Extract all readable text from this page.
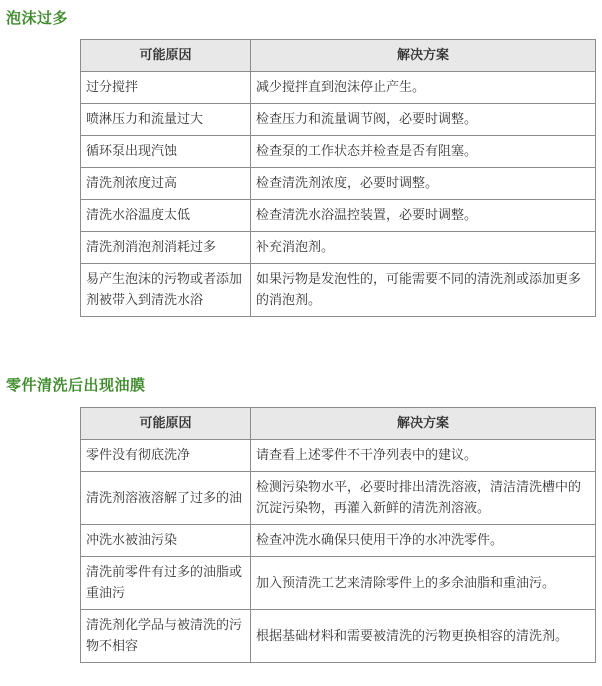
泡沫过多
可能原因	解决方案
过分搅拌	减少搅拌直到泡沫停止产生。
喷淋压力和流量过大	检查压力和流量调节阀，必要时调整。
循环泵出现汽蚀	检查泵的工作状态并检查是否有阻塞。
清洗剂浓度过高	检查清洗剂浓度，必要时调整。
清洗水浴温度太低	检查清洗水浴温控装置，必要时调整。
清洗剂消泡剂消耗过多	补充消泡剂。
易产生泡沫的污物或者添加剂被带入到清洗水浴	如果污物是发泡性的，可能需要不同的清洗剂或添加更多的消泡剂。
零件清洗后出现油膜
可能原因	解决方案
零件没有彻底洗净	请查看上述零件不干净列表中的建议。
清洗剂溶液溶解了过多的油	检测污染物水平，必要时排出清洗溶液，清洁清洗槽中的沉淀污染物，再灌入新鲜的清洗剂溶液。
冲洗水被油污染	检查冲洗水确保只使用干净的水冲洗零件。
清洗前零件有过多的油脂或重油污	加入预清洗工艺来清除零件上的多余油脂和重油污。
清洗剂化学品与被清洗的污物不相容	根据基础材料和需要被清洗的污物更换相容的清洗剂。
